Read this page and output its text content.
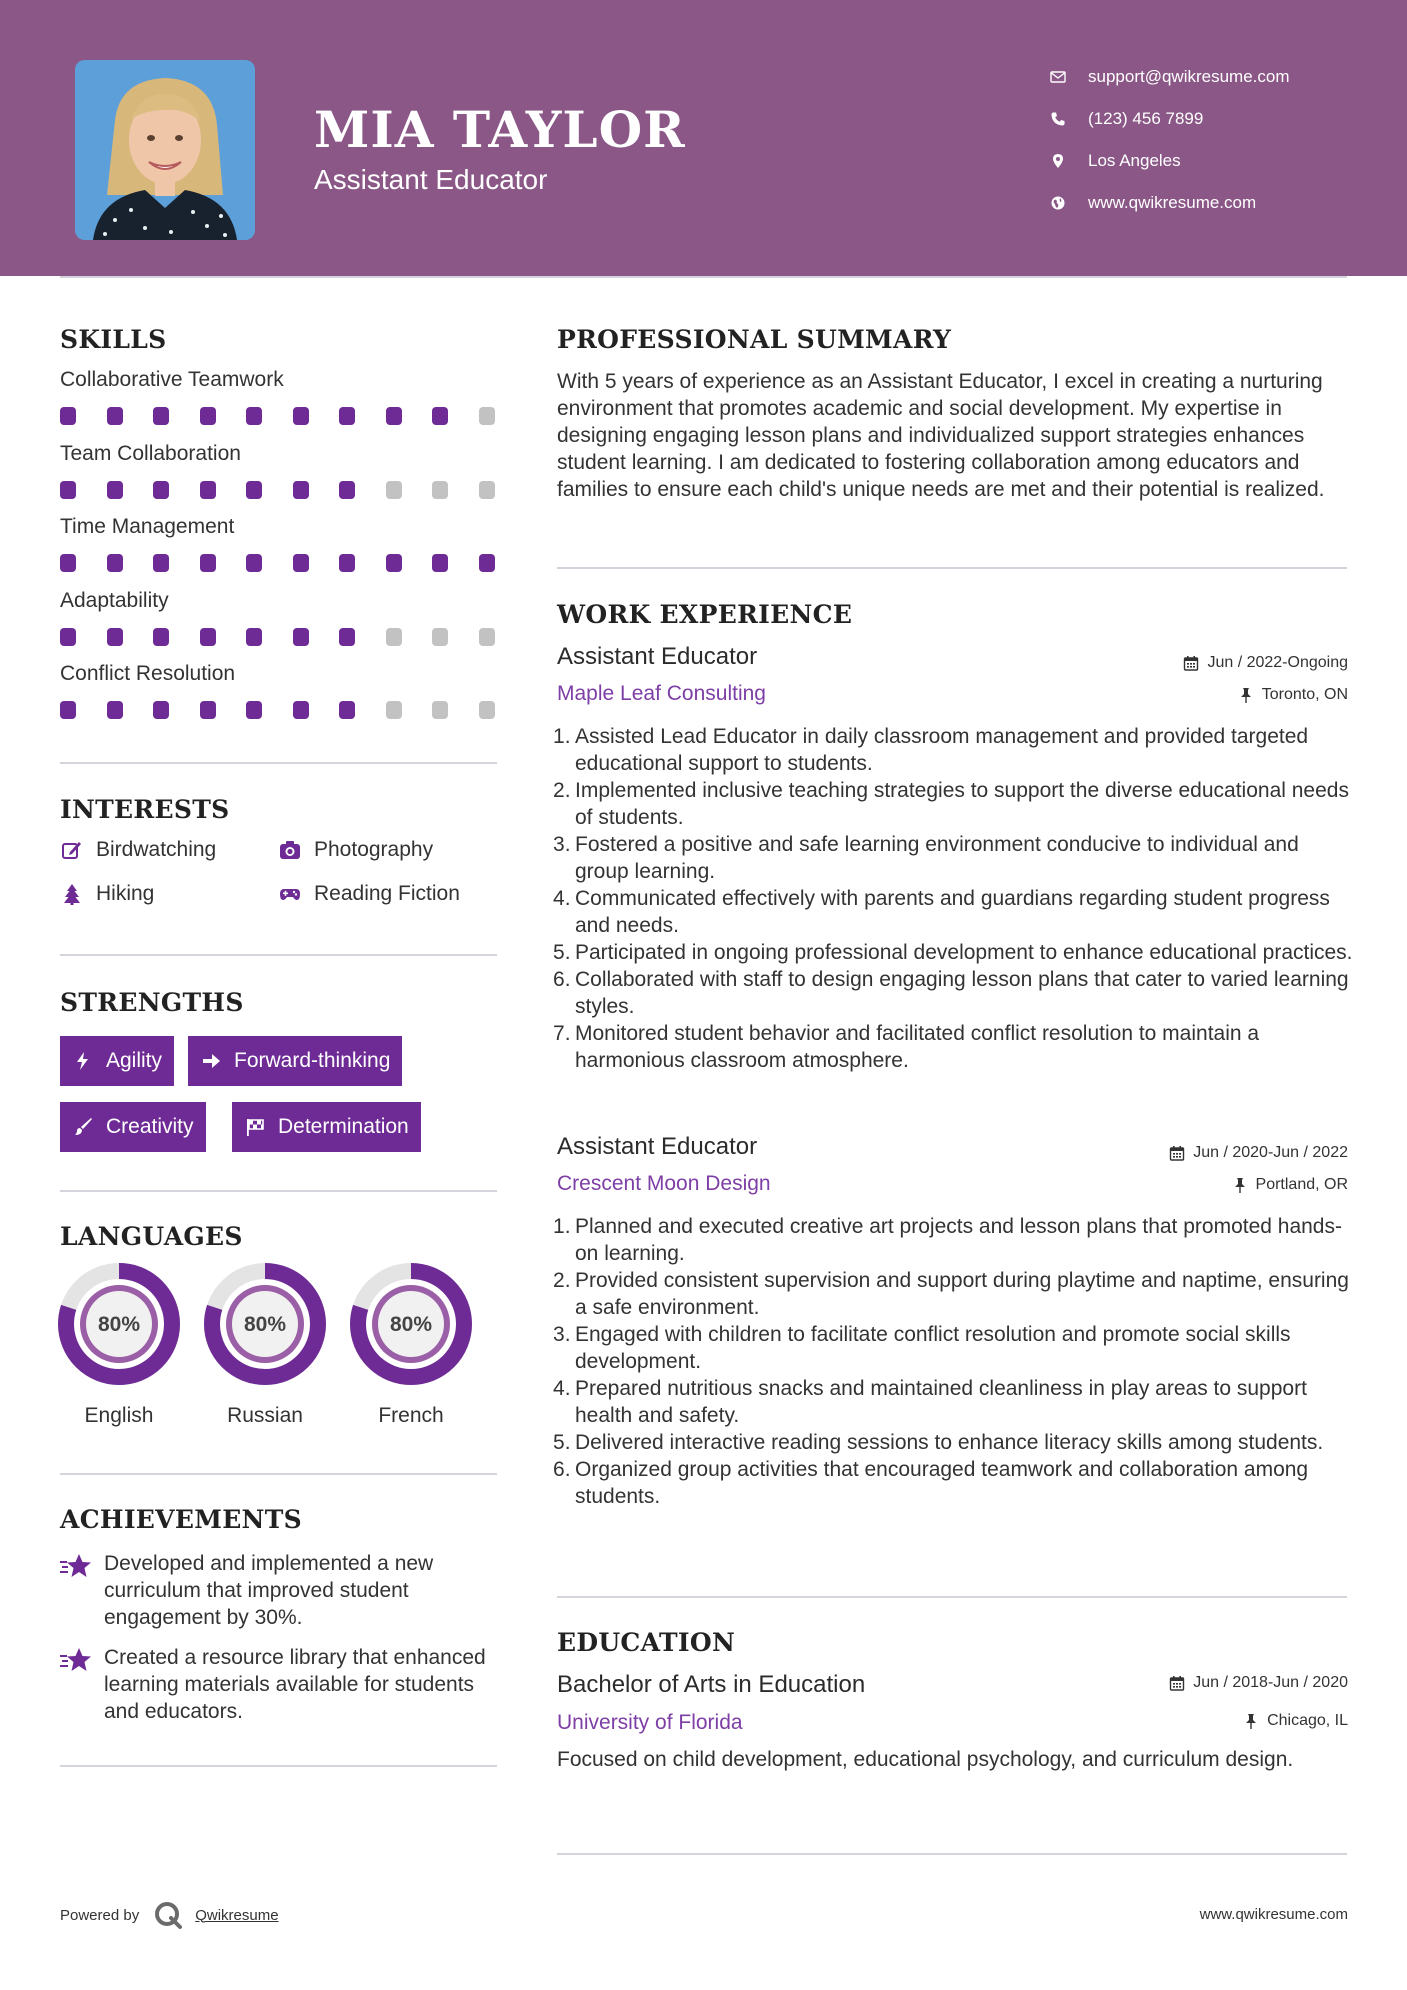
MIA TAYLOR
Assistant Educator
support@qwikresume.com
(123) 456 7899
Los Angeles
www.qwikresume.com
SKILLS
Collaborative Teamwork
Team Collaboration
Time Management
Adaptability
Conflict Resolution
INTERESTS
Birdwatching	Photography
Hiking	Reading Fiction
STRENGTHS
Agility	Forward-thinking
Creativity	Determination
LANGUAGES
80%
English
80%
Russian
80%
French
ACHIEVEMENTS
Developed and implemented a new curriculum that improved student engagement by 30%.
Created a resource library that enhanced learning materials available for students and educators.
PROFESSIONAL SUMMARY
With 5 years of experience as an Assistant Educator, I excel in creating a nurturing environment that promotes academic and social development. My expertise in designing engaging lesson plans and individualized support strategies enhances student learning. I am dedicated to fostering collaboration among educators and families to ensure each child's unique needs are met and their potential is realized.
WORK EXPERIENCE
Assistant Educator	Jun / 2022-Ongoing
Maple Leaf Consulting	Toronto, ON
Assisted Lead Educator in daily classroom management and provided targeted educational support to students.
Implemented inclusive teaching strategies to support the diverse educational needs of students.
Fostered a positive and safe learning environment conducive to individual and group learning.
Communicated effectively with parents and guardians regarding student progress and needs.
Participated in ongoing professional development to enhance educational practices.
Collaborated with staff to design engaging lesson plans that cater to varied learning styles.
Monitored student behavior and facilitated conflict resolution to maintain a harmonious classroom atmosphere.
Assistant Educator	Jun / 2020-Jun / 2022
Crescent Moon Design	Portland, OR
Planned and executed creative art projects and lesson plans that promoted hands-on learning.
Provided consistent supervision and support during playtime and naptime, ensuring a safe environment.
Engaged with children to facilitate conflict resolution and promote social skills development.
Prepared nutritious snacks and maintained cleanliness in play areas to support health and safety.
Delivered interactive reading sessions to enhance literacy skills among students.
Organized group activities that encouraged teamwork and collaboration among students.
EDUCATION
Bachelor of Arts in Education	Jun / 2018-Jun / 2020
University of Florida	Chicago, IL
Focused on child development, educational psychology, and curriculum design.
Powered by	Qwikresume	www.qwikresume.com
